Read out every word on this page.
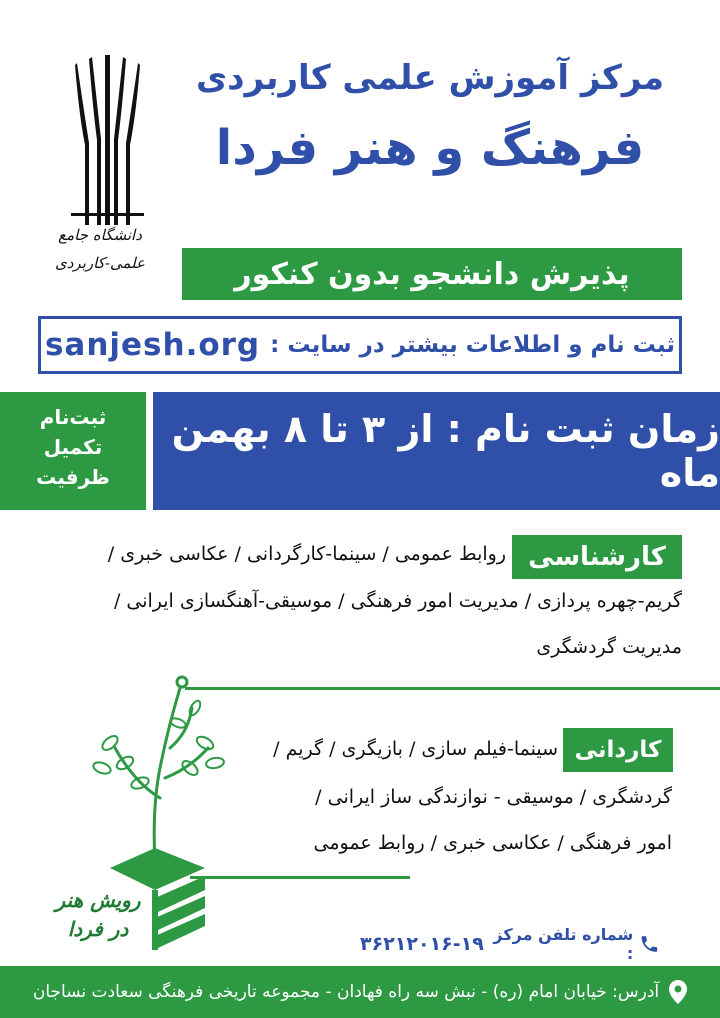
مرکز آموزش علمی کاربردی
فرهنگ و هنر فردا
دانشگاه جامع
علمی-کاربردی	پذیرش دانشجو بدون کنکور
ثبت نام و اطلاعات بیشتر در سایت :
sanjesh.org
ثبت‌نام
تکمیل
ظرفیت
زمان ثبت نام : از ۳ تا ۸ بهمن ماه
کارشناسی
روابط عمومی / سینما-کارگردانی / عکاسی خبری /
گریم-چهره پردازی / مدیریت امور فرهنگی / موسیقی-آهنگسازی ایرانی /
مدیریت گردشگری
کاردانی
سینما-فیلم سازی / بازیگری / گریم /
گردشگری / موسیقی - نوازندگی ساز ایرانی /
امور فرهنگی / عکاسی خبری / روابط عمومی
رویش هنر
در فردا	شماره تلفن مرکز :
۳۶۲۱۲۰۱۶-۱۹
آدرس: خیابان امام (ره) - نبش سه راه فهادان - مجموعه تاریخی فرهنگی سعادت نساجان
